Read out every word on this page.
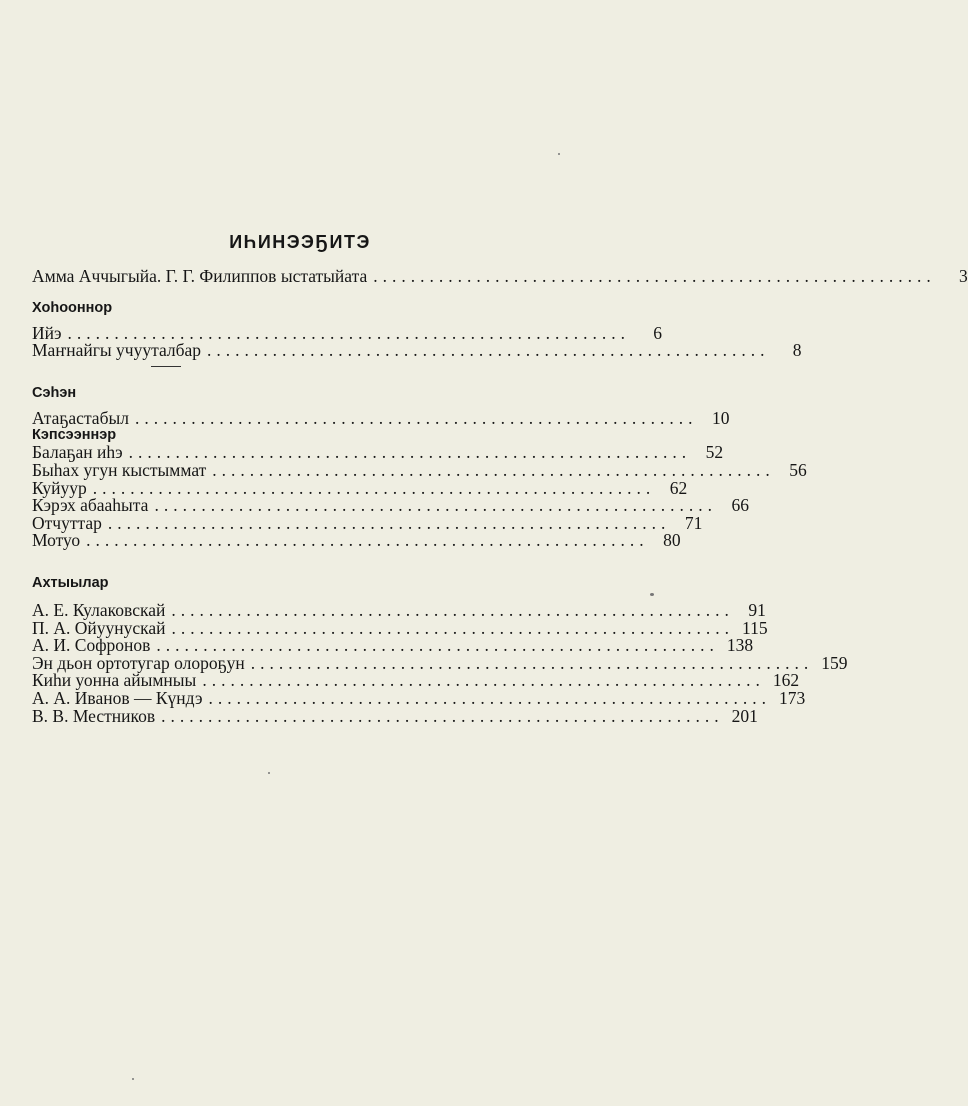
ИҺИНЭЭҔИТЭ
Амма Аччыгыйа. Г. Г. Филиппов ыстатыйата ............................................................	3
Хоһооннор
Ийэ ............................................................	6
Маҥнайгы учууталбар ............................................................	8
Сэһэн
Атаҕастабыл ............................................................ 10
Кэпсээннэр
Балаҕан иһэ ............................................................ 52
Быһах угун кыстыммат ............................................................ 56
Куйуур ............................................................ 62
Кэрэх абааһыта ............................................................ 66
Отчуттар ............................................................ 71
Мотуо ............................................................ 80
Ахтыылар
А. Е. Кулаковскай ............................................................ 91
П. А. Ойуунускай ............................................................ 115
А. И. Софронов ............................................................ 138
Эн дьон ортотугар олороҕун ............................................................ 159
Киһи уонна айымныы ............................................................ 162
А. А. Иванов — Күндэ ............................................................ 173
В. В. Местников ............................................................ 201
